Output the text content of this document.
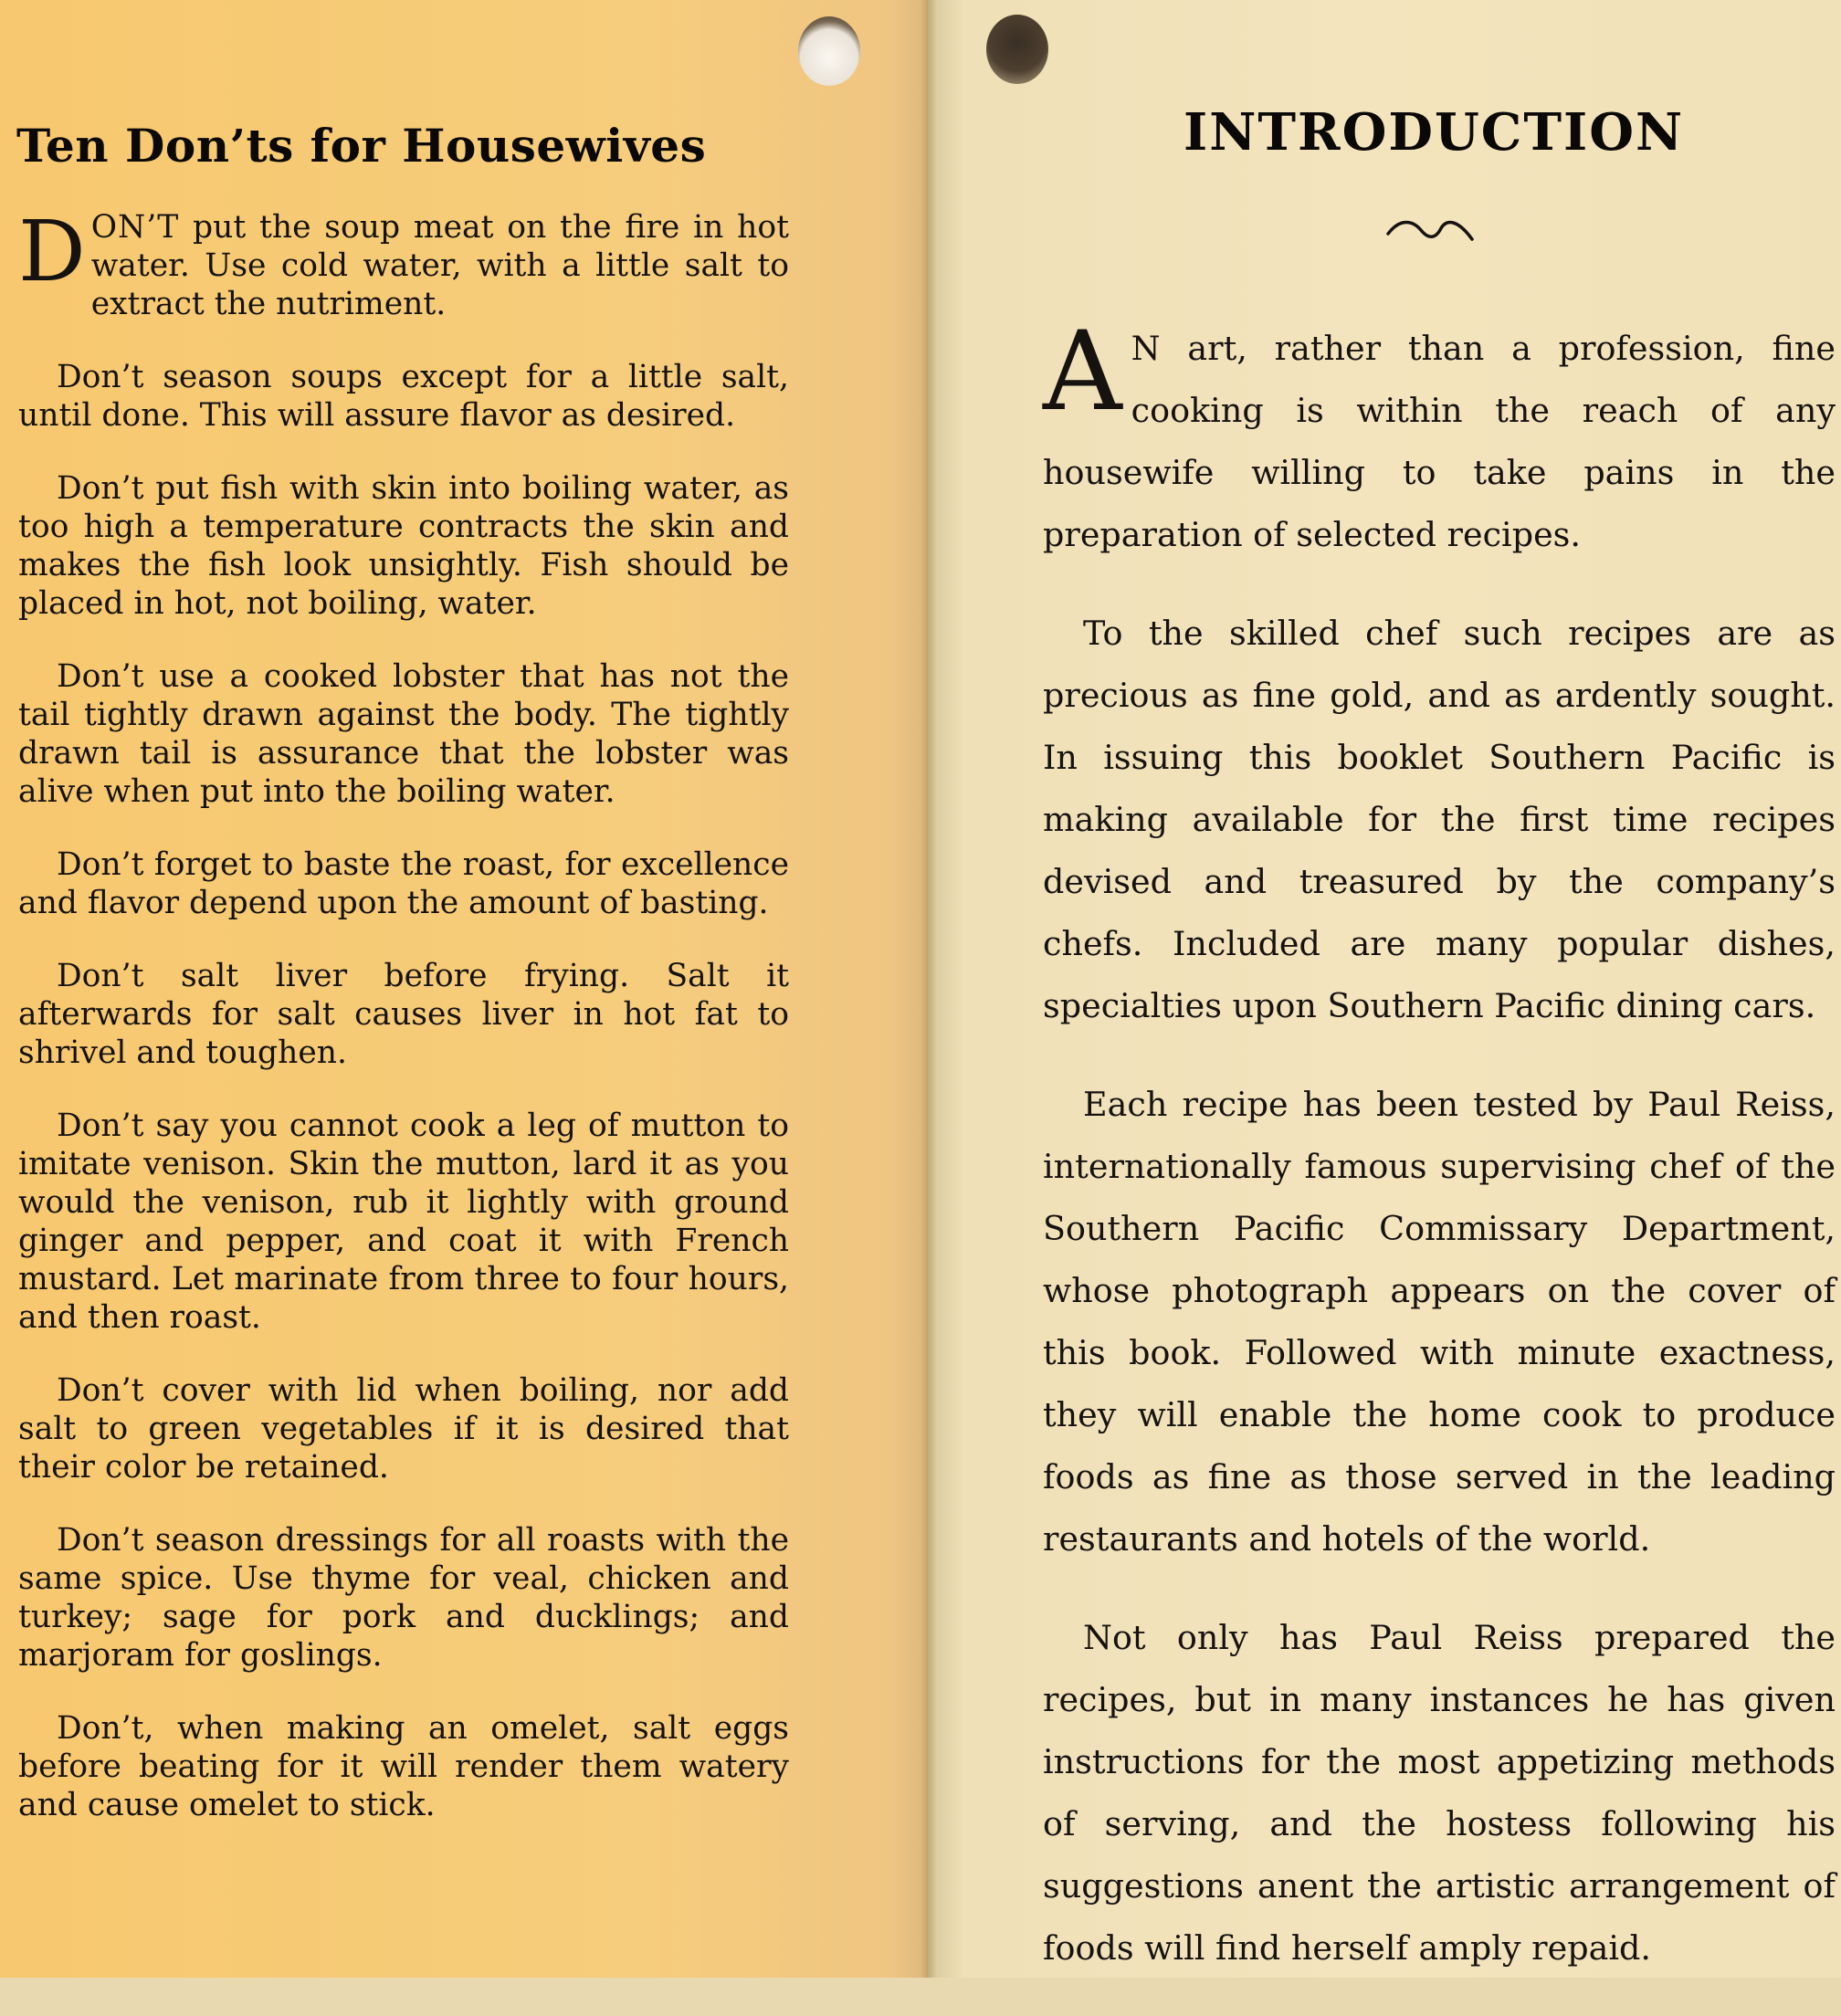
Ten Don’ts for Housewives

DON’T put the soup meat on the fire in hot water. Use cold water, with a little salt to extract the nutriment.

Don’t season soups except for a little salt, until done. This will assure flavor as desired.

Don’t put fish with skin into boiling water, as too high a temperature contracts the skin and makes the fish look unsightly. Fish should be placed in hot, not boiling, water.

Don’t use a cooked lobster that has not the tail tightly drawn against the body. The tightly drawn tail is assurance that the lobster was alive when put into the boiling water.

Don’t forget to baste the roast, for excellence and flavor depend upon the amount of basting.

Don’t salt liver before frying. Salt it afterwards for salt causes liver in hot fat to shrivel and toughen.

Don’t say you cannot cook a leg of mutton to imitate venison. Skin the mutton, lard it as you would the venison, rub it lightly with ground ginger and pepper, and coat it with French mustard. Let marinate from three to four hours, and then roast.

Don’t cover with lid when boiling, nor add salt to green vegetables if it is desired that their color be retained.

Don’t season dressings for all roasts with the same spice. Use thyme for veal, chicken and turkey; sage for pork and ducklings; and marjoram for goslings.

Don’t, when making an omelet, salt eggs before beating for it will render them watery and cause omelet to stick.

INTRODUCTION

A N art, rather than a profession, fine cooking is within the reach of any housewife willing to take pains in the preparation of selected recipes.

To the skilled chef such recipes are as precious as fine gold, and as ardently sought. In issuing this booklet Southern Pacific is making available for the first time recipes devised and treasured by the company’s chefs. Included are many popular dishes, specialties upon Southern Pacific dining cars.

Each recipe has been tested by Paul Reiss, internationally famous supervising chef of the Southern Pacific Commissary Department, whose photograph appears on the cover of this book. Followed with minute exactness, they will enable the home cook to produce foods as fine as those served in the leading restaurants and hotels of the world.

Not only has Paul Reiss prepared the recipes, but in many instances he has given instructions for the most appetizing methods of serving, and the hostess following his suggestions anent the artistic arrangement of foods will find herself amply repaid.
